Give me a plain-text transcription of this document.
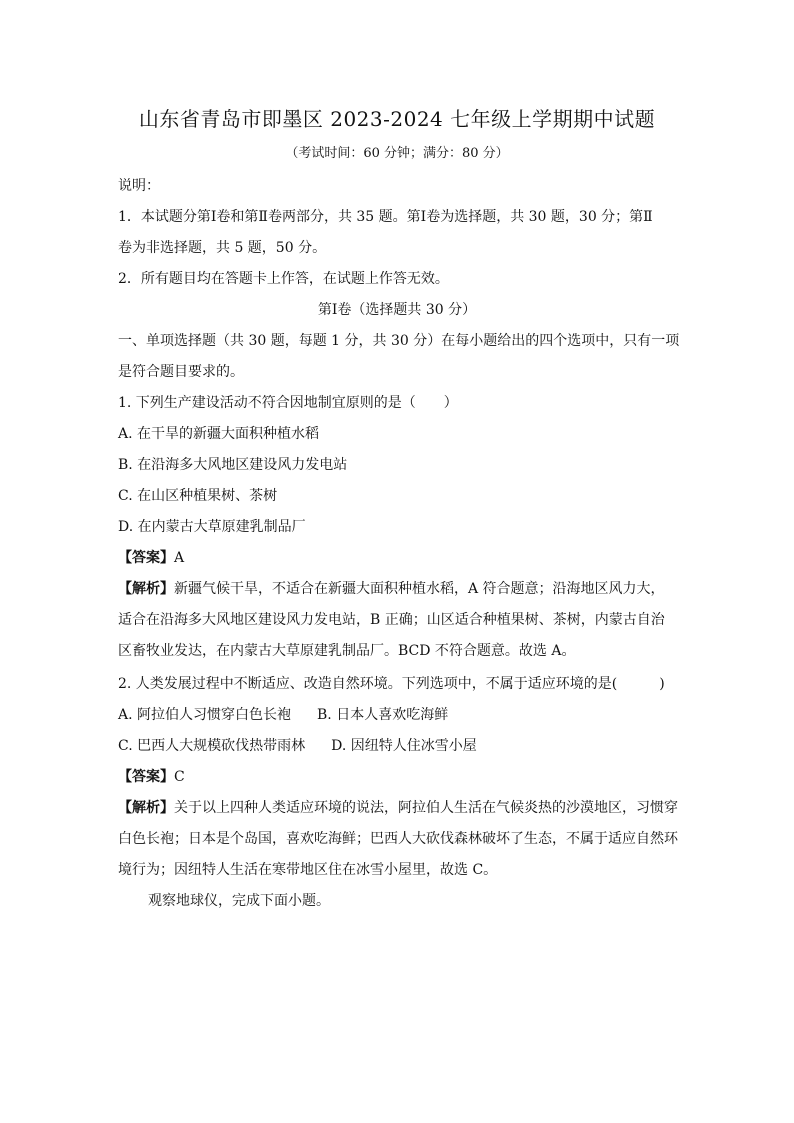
山东省青岛市即墨区 2023-2024 七年级上学期期中试题
（考试时间：60 分钟；满分：80 分）
说明：
1．本试题分第Ⅰ卷和第Ⅱ卷两部分，共 35 题。第Ⅰ卷为选择题，共 30 题，30 分；第Ⅱ
卷为非选择题，共 5 题，50 分。
2．所有题目均在答题卡上作答，在试题上作答无效。
第Ⅰ卷（选择题共 30 分）
一、单项选择题（共 30 题，每题 1 分，共 30 分）在每小题给出的四个选项中，只有一项
是符合题目要求的。
1. 下列生产建设活动不符合因地制宜原则的是（　　）
A. 在干旱的新疆大面积种植水稻
B. 在沿海多大风地区建设风力发电站
C. 在山区种植果树、茶树
D. 在内蒙古大草原建乳制品厂
【答案】A
【解析】新疆气候干旱，不适合在新疆大面积种植水稻，A 符合题意；沿海地区风力大，
适合在沿海多大风地区建设风力发电站，B 正确；山区适合种植果树、茶树，内蒙古自治
区畜牧业发达，在内蒙古大草原建乳制品厂。BCD 不符合题意。故选 A。
2. 人类发展过程中不断适应、改造自然环境。下列选项中，不属于适应环境的是(　　　)
A. 阿拉伯人习惯穿白色长袍 B. 日本人喜欢吃海鲜
C. 巴西人大规模砍伐热带雨林 D. 因纽特人住冰雪小屋
【答案】C
【解析】关于以上四种人类适应环境的说法，阿拉伯人生活在气候炎热的沙漠地区，习惯穿
白色长袍；日本是个岛国，喜欢吃海鲜；巴西人大砍伐森林破坏了生态，不属于适应自然环
境行为；因纽特人生活在寒带地区住在冰雪小屋里，故选 C。
观察地球仪，完成下面小题。
